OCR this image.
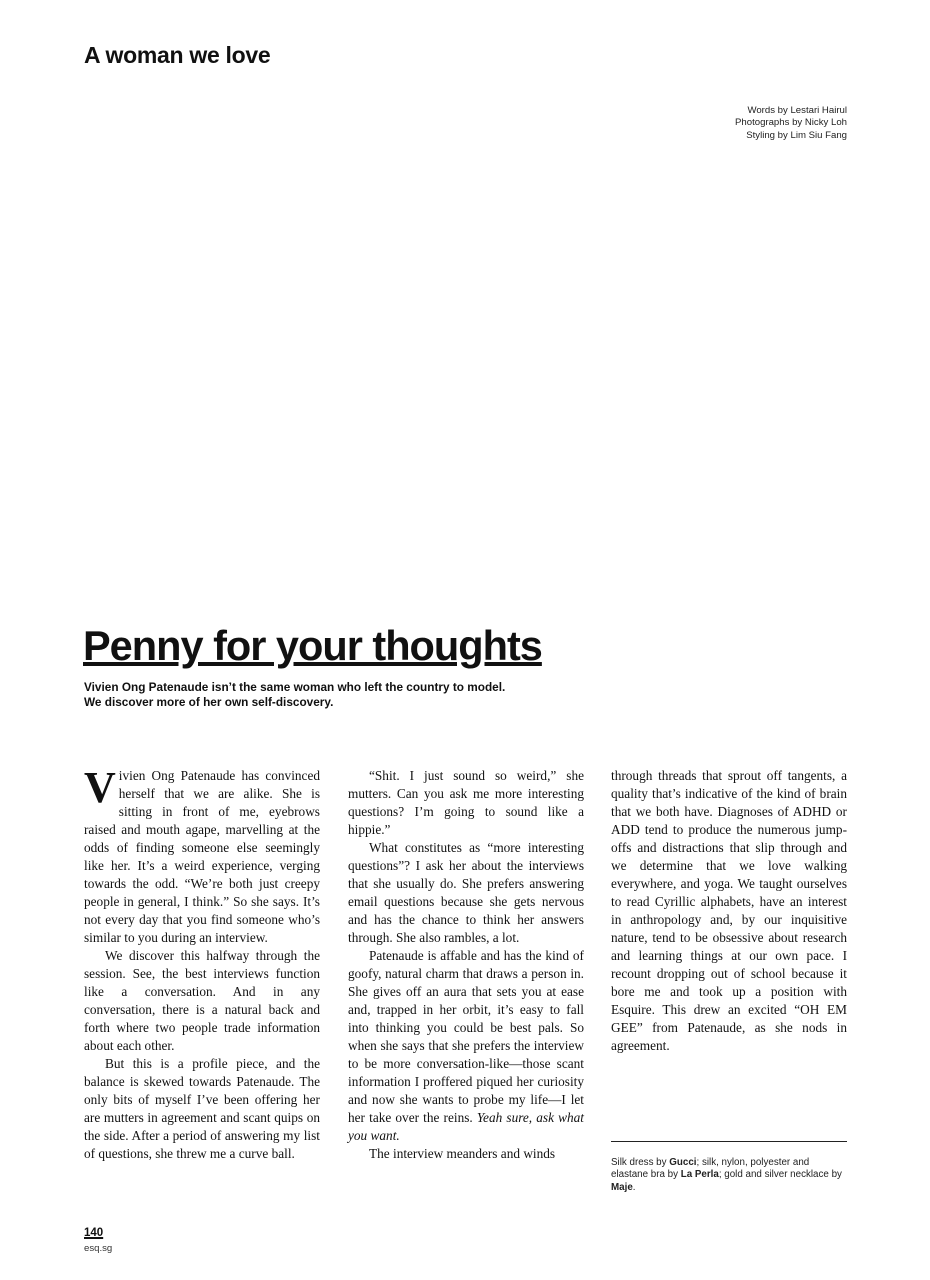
A woman we love
Words by Lestari Hairul
Photographs by Nicky Loh
Styling by Lim Siu Fang
Penny for your thoughts
Vivien Ong Patenaude isn’t the same woman who left the country to model.
We discover more of her own self-discovery.

Vivien Ong Patenaude has convinced herself that we are alike. She is sitting in front of me, eyebrows raised and mouth agape, marvelling at the odds of finding someone else seemingly like her. It’s a weird experience, verging towards the odd. “We’re both just creepy people in general, I think.” So she says. It’s not every day that you find someone who’s similar to you during an interview.

We discover this halfway through the session. See, the best interviews function like a conversation. And in any conversation, there is a natural back and forth where two people trade information about each other.

But this is a profile piece, and the balance is skewed towards Patenaude. The only bits of myself I’ve been offering her are mutters in agreement and scant quips on the side. After a period of answering my list of questions, she threw me a curve ball.

“Shit. I just sound so weird,” she mutters. Can you ask me more interesting questions? I’m going to sound like a hippie.”

What constitutes as “more interesting questions”? I ask her about the interviews that she usually do. She prefers answering email questions because she gets nervous and has the chance to think her answers through. She also rambles, a lot.

Patenaude is affable and has the kind of goofy, natural charm that draws a person in. She gives off an aura that sets you at ease and, trapped in her orbit, it’s easy to fall into thinking you could be best pals. So when she says that she prefers the interview to be more conversation-like—those scant information I proffered piqued her curiosity and now she wants to probe my life—I let her take over the reins. Yeah sure, ask what you want.

The interview meanders and winds

through threads that sprout off tangents, a quality that’s indicative of the kind of brain that we both have. Diagnoses of ADHD or ADD tend to produce the numerous jump-offs and distractions that slip through and we determine that we love walking everywhere, and yoga. We taught ourselves to read Cyrillic alphabets, have an interest in anthropology and, by our inquisitive nature, tend to be obsessive about research and learning things at our own pace. I recount dropping out of school because it bore me and took up a position with Esquire. This drew an excited “OH EM GEE” from Patenaude, as she nods in agreement.

Silk dress by Gucci; silk, nylon, polyester and elastane bra by La Perla; gold and silver necklace by Maje.
140
esq.sg
